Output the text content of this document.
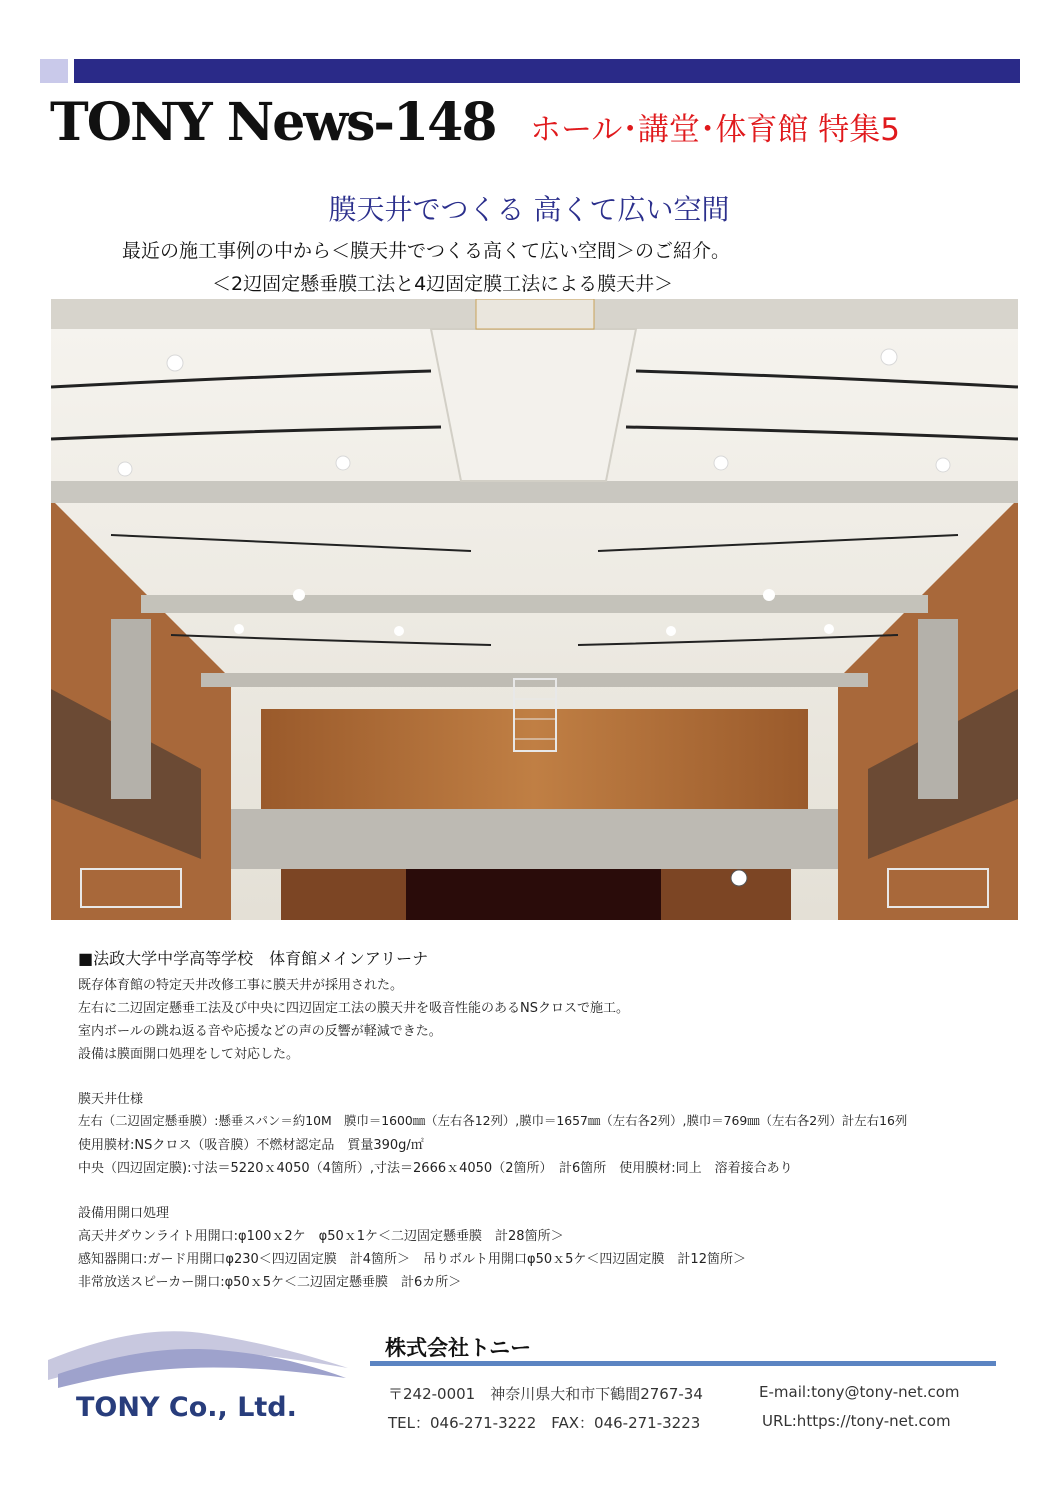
TONY News-148 ホール･講堂･体育館 特集5
膜天井でつくる 高くて広い空間
最近の施工事例の中から＜膜天井でつくる高くて広い空間＞のご紹介。
＜2辺固定懸垂膜工法と4辺固定膜工法による膜天井＞
■法政大学中学高等学校　体育館メインアリーナ
既存体育館の特定天井改修工事に膜天井が採用された。
左右に二辺固定懸垂工法及び中央に四辺固定工法の膜天井を吸音性能のあるNSクロスで施工。
室内ボールの跳ね返る音や応援などの声の反響が軽減できた。
設備は膜面開口処理をして対応した。
膜天井仕様
左右（二辺固定懸垂膜）:懸垂スパン＝約10M　膜巾＝1600㎜（左右各12列）,膜巾＝1657㎜（左右各2列）,膜巾＝769㎜（左右各2列）計左右16列
使用膜材:NSクロス（吸音膜）不燃材認定品　質量390g/㎡
中央（四辺固定膜):寸法＝5220ｘ4050（4箇所）,寸法＝2666ｘ4050（2箇所）　計6箇所　使用膜材:同上　溶着接合あり
設備用開口処理
高天井ダウンライト用開口:φ100ｘ2ケ　φ50ｘ1ケ＜二辺固定懸垂膜　計28箇所＞
感知器開口:ガード用開口φ230＜四辺固定膜　計4箇所＞　吊りボルト用開口φ50ｘ5ケ＜四辺固定膜　計12箇所＞
非常放送スピーカー開口:φ50ｘ5ケ＜二辺固定懸垂膜　計6カ所＞
TONY Co., Ltd.
株式会社トニー
〒242-0001　神奈川県大和市下鶴間2767-34	E-mail:tony@tony-net.com
TEL：046-271-3222　FAX：046-271-3223	URL:https://tony-net.com
